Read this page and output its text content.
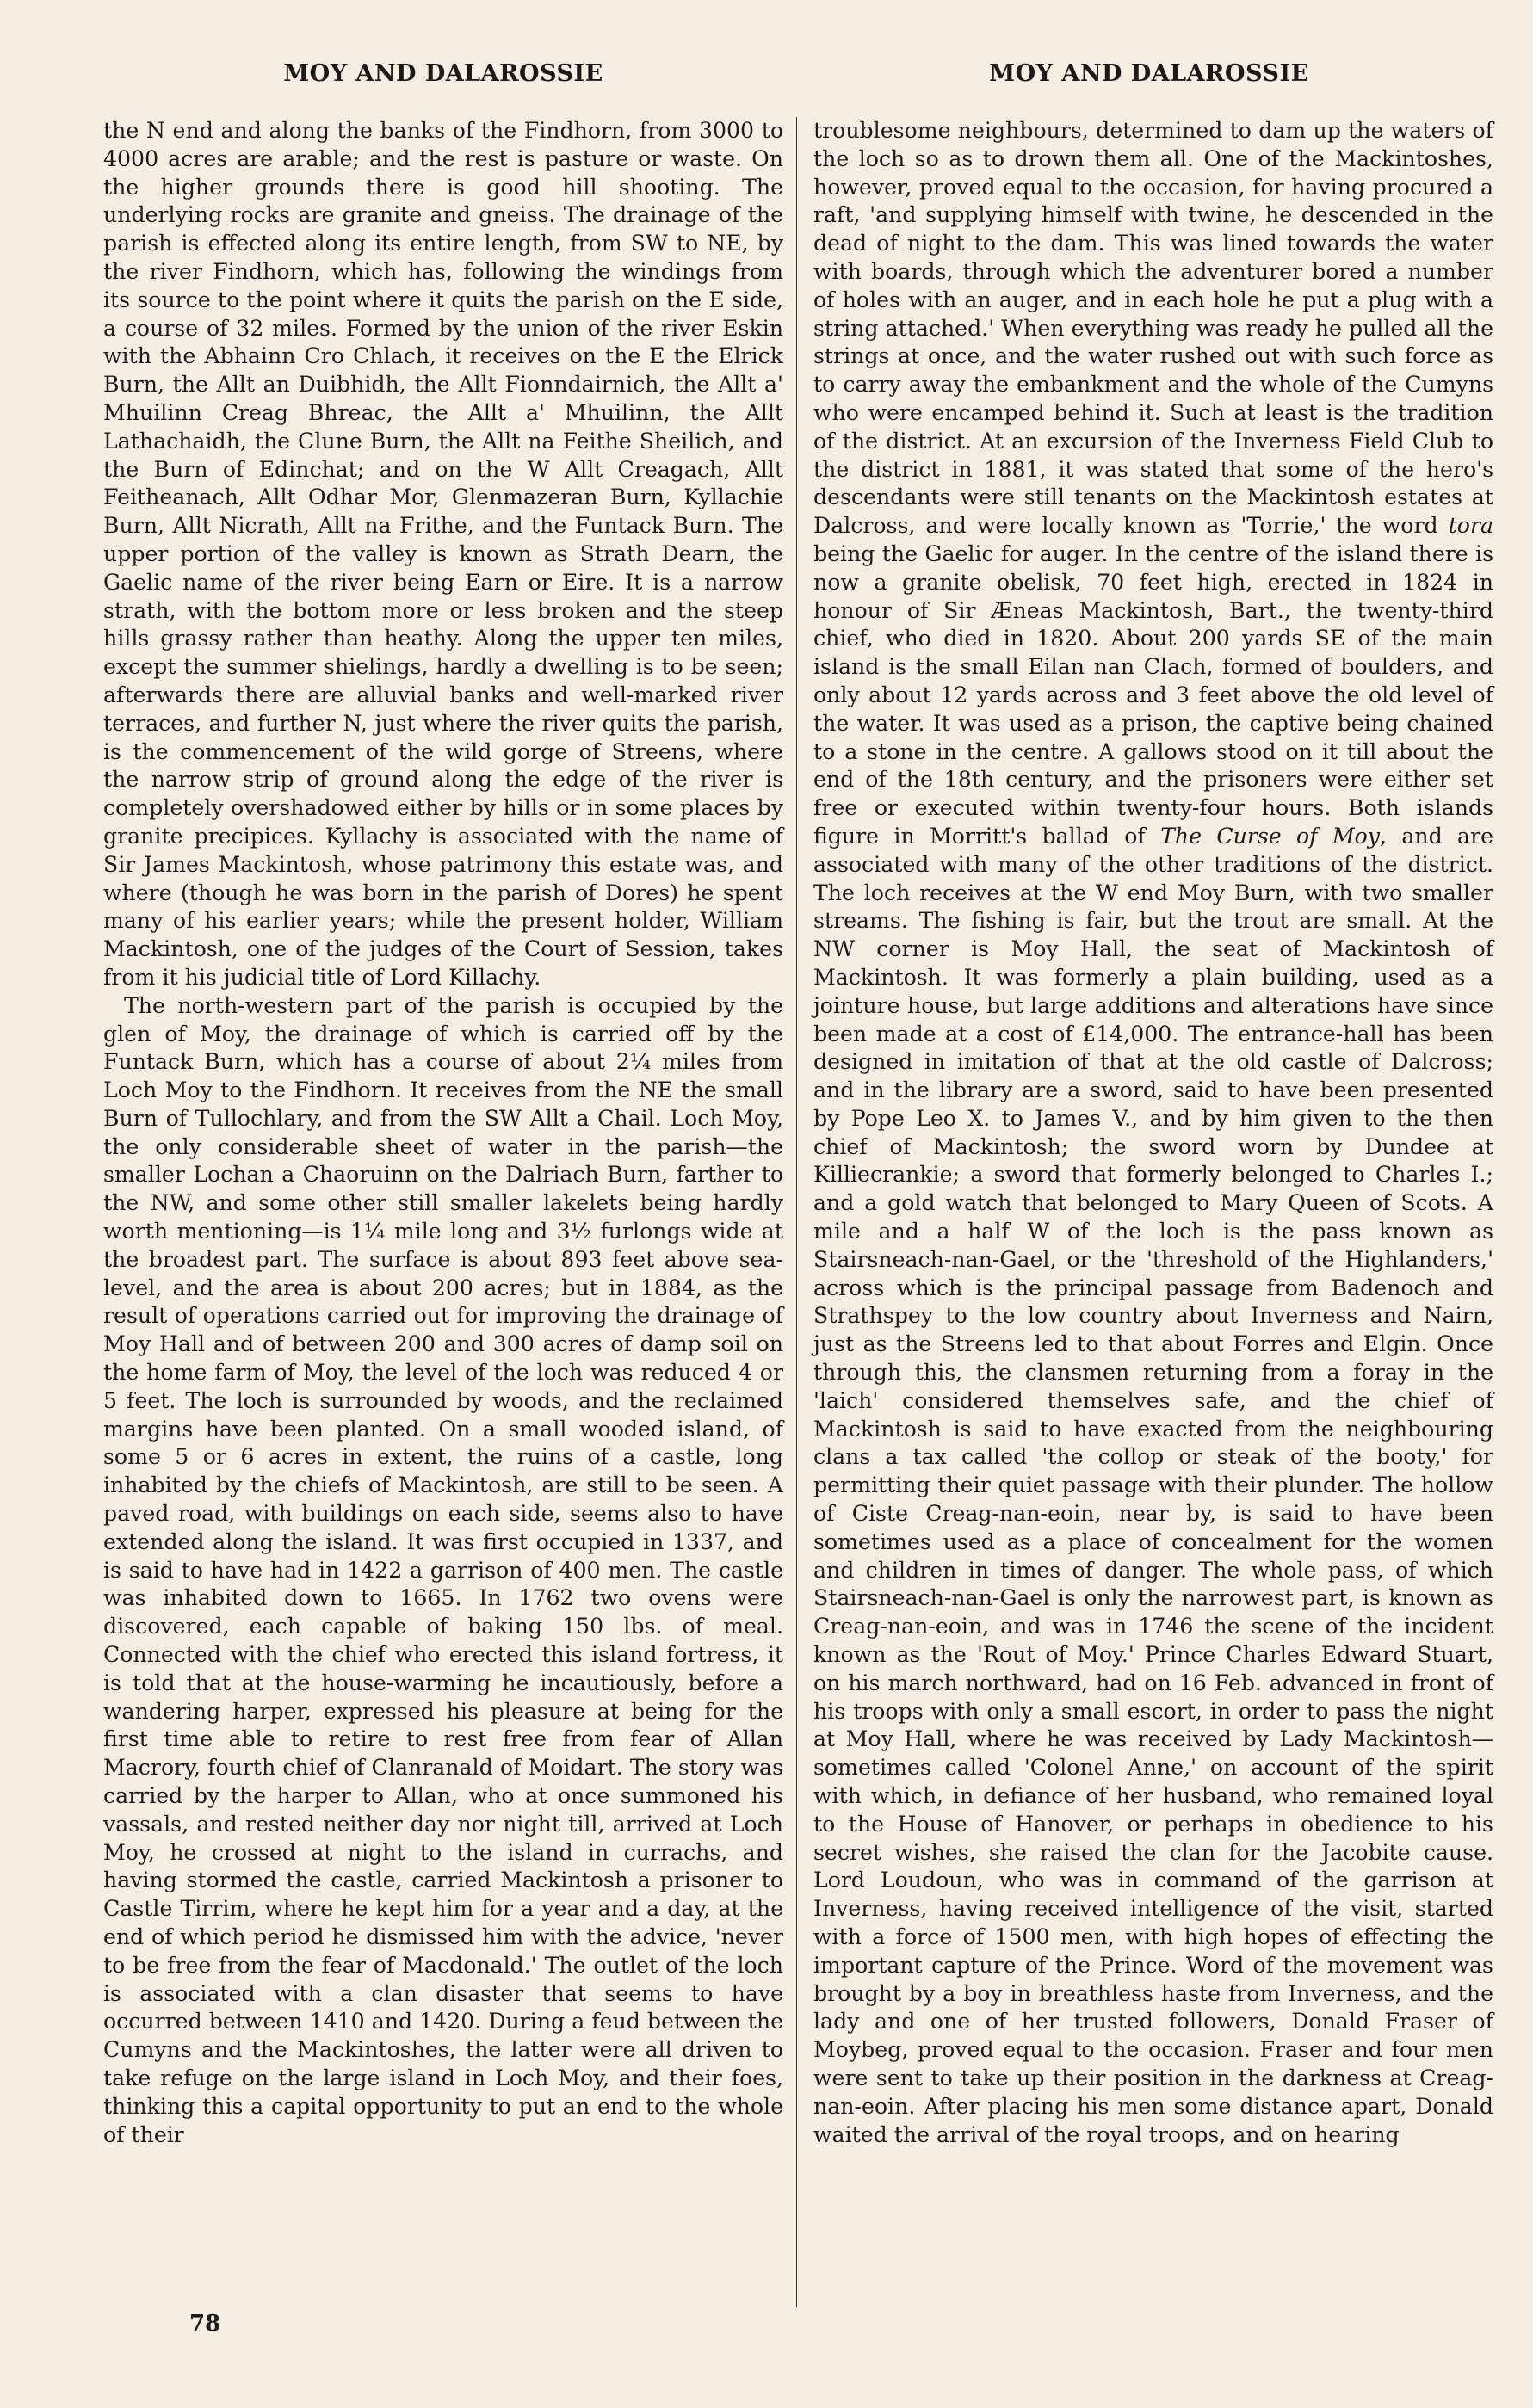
MOY AND DALAROSSIE	MOY AND DALAROSSIE

the N end and along the banks of the Findhorn, from 3000 to 4000 acres are arable; and the rest is pasture or waste. On the higher grounds there is good hill shooting. The underlying rocks are granite and gneiss. The drainage of the parish is effected along its entire length, from SW to NE, by the river Findhorn, which has, following the windings from its source to the point where it quits the parish on the E side, a course of 32 miles. Formed by the union of the river Eskin with the Abhainn Cro Chlach, it receives on the E the Elrick Burn, the Allt an Duibhidh, the Allt Fionndairnich, the Allt a' Mhuilinn Creag Bhreac, the Allt a' Mhuilinn, the Allt Lathachaidh, the Clune Burn, the Allt na Feithe Sheilich, and the Burn of Edinchat; and on the W Allt Creagach, Allt Feitheanach, Allt Odhar Mor, Glenmazeran Burn, Kyllachie Burn, Allt Nicrath, Allt na Frithe, and the Funtack Burn. The upper portion of the valley is known as Strath Dearn, the Gaelic name of the river being Earn or Eire. It is a narrow strath, with the bottom more or less broken and the steep hills grassy rather than heathy. Along the upper ten miles, except the summer shielings, hardly a dwelling is to be seen; afterwards there are alluvial banks and well-marked river terraces, and further N, just where the river quits the parish, is the commencement of the wild gorge of Streens, where the narrow strip of ground along the edge of the river is completely overshadowed either by hills or in some places by granite precipices. Kyllachy is associated with the name of Sir James Mackintosh, whose patrimony this estate was, and where (though he was born in the parish of Dores) he spent many of his earlier years; while the present holder, William Mackintosh, one of the judges of the Court of Session, takes from it his judicial title of Lord Killachy.

The north-western part of the parish is occupied by the glen of Moy, the drainage of which is carried off by the Funtack Burn, which has a course of about 2¼ miles from Loch Moy to the Findhorn. It receives from the NE the small Burn of Tullochlary, and from the SW Allt a Chail. Loch Moy, the only considerable sheet of water in the parish—the smaller Lochan a Chaoruinn on the Dalriach Burn, farther to the NW, and some other still smaller lakelets being hardly worth mentioning—is 1¼ mile long and 3½ furlongs wide at the broadest part. The surface is about 893 feet above sea-level, and the area is about 200 acres; but in 1884, as the result of operations carried out for improving the drainage of Moy Hall and of between 200 and 300 acres of damp soil on the home farm of Moy, the level of the loch was reduced 4 or 5 feet. The loch is surrounded by woods, and the reclaimed margins have been planted. On a small wooded island, of some 5 or 6 acres in extent, the ruins of a castle, long inhabited by the chiefs of Mackintosh, are still to be seen. A paved road, with buildings on each side, seems also to have extended along the island. It was first occupied in 1337, and is said to have had in 1422 a garrison of 400 men. The castle was inhabited down to 1665. In 1762 two ovens were discovered, each capable of baking 150 lbs. of meal. Connected with the chief who erected this island fortress, it is told that at the house-warming he incautiously, before a wandering harper, expressed his pleasure at being for the first time able to retire to rest free from fear of Allan Macrory, fourth chief of Clanranald of Moidart. The story was carried by the harper to Allan, who at once summoned his vassals, and rested neither day nor night till, arrived at Loch Moy, he crossed at night to the island in currachs, and having stormed the castle, carried Mackintosh a prisoner to Castle Tirrim, where he kept him for a year and a day, at the end of which period he dismissed him with the advice, 'never to be free from the fear of Macdonald.' The outlet of the loch is associated with a clan disaster that seems to have occurred between 1410 and 1420. During a feud between the Cumyns and the Mackintoshes, the latter were all driven to take refuge on the large island in Loch Moy, and their foes, thinking this a capital opportunity to put an end to the whole of their

troublesome neighbours, determined to dam up the waters of the loch so as to drown them all. One of the Mackintoshes, however, proved equal to the occasion, for having procured a raft, 'and supplying himself with twine, he descended in the dead of night to the dam. This was lined towards the water with boards, through which the adventurer bored a number of holes with an auger, and in each hole he put a plug with a string attached.' When everything was ready he pulled all the strings at once, and the water rushed out with such force as to carry away the embankment and the whole of the Cumyns who were encamped behind it. Such at least is the tradition of the district. At an excursion of the Inverness Field Club to the district in 1881, it was stated that some of the hero's descendants were still tenants on the Mackintosh estates at Dalcross, and were locally known as 'Torrie,' the word tora being the Gaelic for auger. In the centre of the island there is now a granite obelisk, 70 feet high, erected in 1824 in honour of Sir Æneas Mackintosh, Bart., the twenty-third chief, who died in 1820. About 200 yards SE of the main island is the small Eilan nan Clach, formed of boulders, and only about 12 yards across and 3 feet above the old level of the water. It was used as a prison, the captive being chained to a stone in the centre. A gallows stood on it till about the end of the 18th century, and the prisoners were either set free or executed within twenty-four hours. Both islands figure in Morritt's ballad of The Curse of Moy, and are associated with many of the other traditions of the district. The loch receives at the W end Moy Burn, with two smaller streams. The fishing is fair, but the trout are small. At the NW corner is Moy Hall, the seat of Mackintosh of Mackintosh. It was formerly a plain building, used as a jointure house, but large additions and alterations have since been made at a cost of £14,000. The entrance-hall has been designed in imitation of that at the old castle of Dalcross; and in the library are a sword, said to have been presented by Pope Leo X. to James V., and by him given to the then chief of Mackintosh; the sword worn by Dundee at Killiecrankie; a sword that formerly belonged to Charles I.; and a gold watch that belonged to Mary Queen of Scots. A mile and a half W of the loch is the pass known as Stairsneach-nan-Gael, or the 'threshold of the Highlanders,' across which is the principal passage from Badenoch and Strathspey to the low country about Inverness and Nairn, just as the Streens led to that about Forres and Elgin. Once through this, the clansmen returning from a foray in the 'laich' considered themselves safe, and the chief of Mackintosh is said to have exacted from the neighbouring clans a tax called 'the collop or steak of the booty,' for permitting their quiet passage with their plunder. The hollow of Ciste Creag-nan-eoin, near by, is said to have been sometimes used as a place of concealment for the women and children in times of danger. The whole pass, of which Stairsneach-nan-Gael is only the narrowest part, is known as Creag-nan-eoin, and was in 1746 the scene of the incident known as the 'Rout of Moy.' Prince Charles Edward Stuart, on his march northward, had on 16 Feb. advanced in front of his troops with only a small escort, in order to pass the night at Moy Hall, where he was received by Lady Mackintosh—sometimes called 'Colonel Anne,' on account of the spirit with which, in defiance of her husband, who remained loyal to the House of Hanover, or perhaps in obedience to his secret wishes, she raised the clan for the Jacobite cause. Lord Loudoun, who was in command of the garrison at Inverness, having received intelligence of the visit, started with a force of 1500 men, with high hopes of effecting the important capture of the Prince. Word of the movement was brought by a boy in breathless haste from Inverness, and the lady and one of her trusted followers, Donald Fraser of Moybeg, proved equal to the occasion. Fraser and four men were sent to take up their position in the darkness at Creag-nan-eoin. After placing his men some distance apart, Donald waited the arrival of the royal troops, and on hearing

78
